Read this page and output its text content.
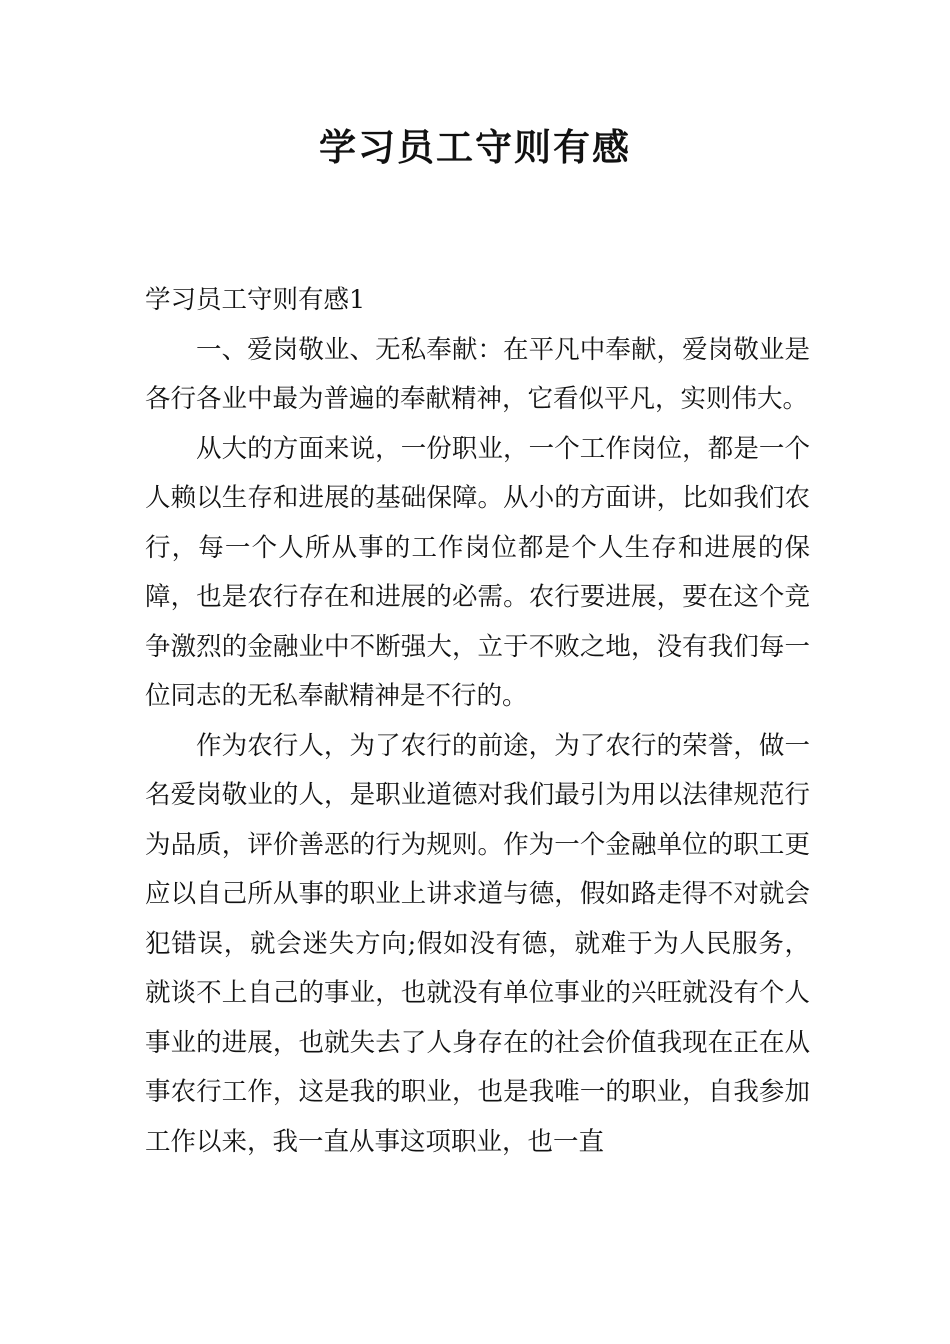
学习员工守则有感

学习员工守则有感1

一、爱岗敬业、无私奉献：在平凡中奉献，爱岗敬业是各行各业中最为普遍的奉献精神，它看似平凡，实则伟大。

从大的方面来说，一份职业，一个工作岗位，都是一个人赖以生存和进展的基础保障。从小的方面讲，比如我们农行，每一个人所从事的工作岗位都是个人生存和进展的保障，也是农行存在和进展的必需。农行要进展，要在这个竞争激烈的金融业中不断强大，立于不败之地，没有我们每一位同志的无私奉献精神是不行的。

作为农行人，为了农行的前途，为了农行的荣誉，做一名爱岗敬业的人，是职业道德对我们最引为用以法律规范行为品质，评价善恶的行为规则。作为一个金融单位的职工更应以自己所从事的职业上讲求道与德，假如路走得不对就会犯错误，就会迷失方向;假如没有德，就难于为人民服务，就谈不上自己的事业，也就没有单位事业的兴旺就没有个人事业的进展，也就失去了人身存在的社会价值我现在正在从事农行工作，这是我的职业，也是我唯一的职业，自我参加工作以来，我一直从事这项职业，也一直
